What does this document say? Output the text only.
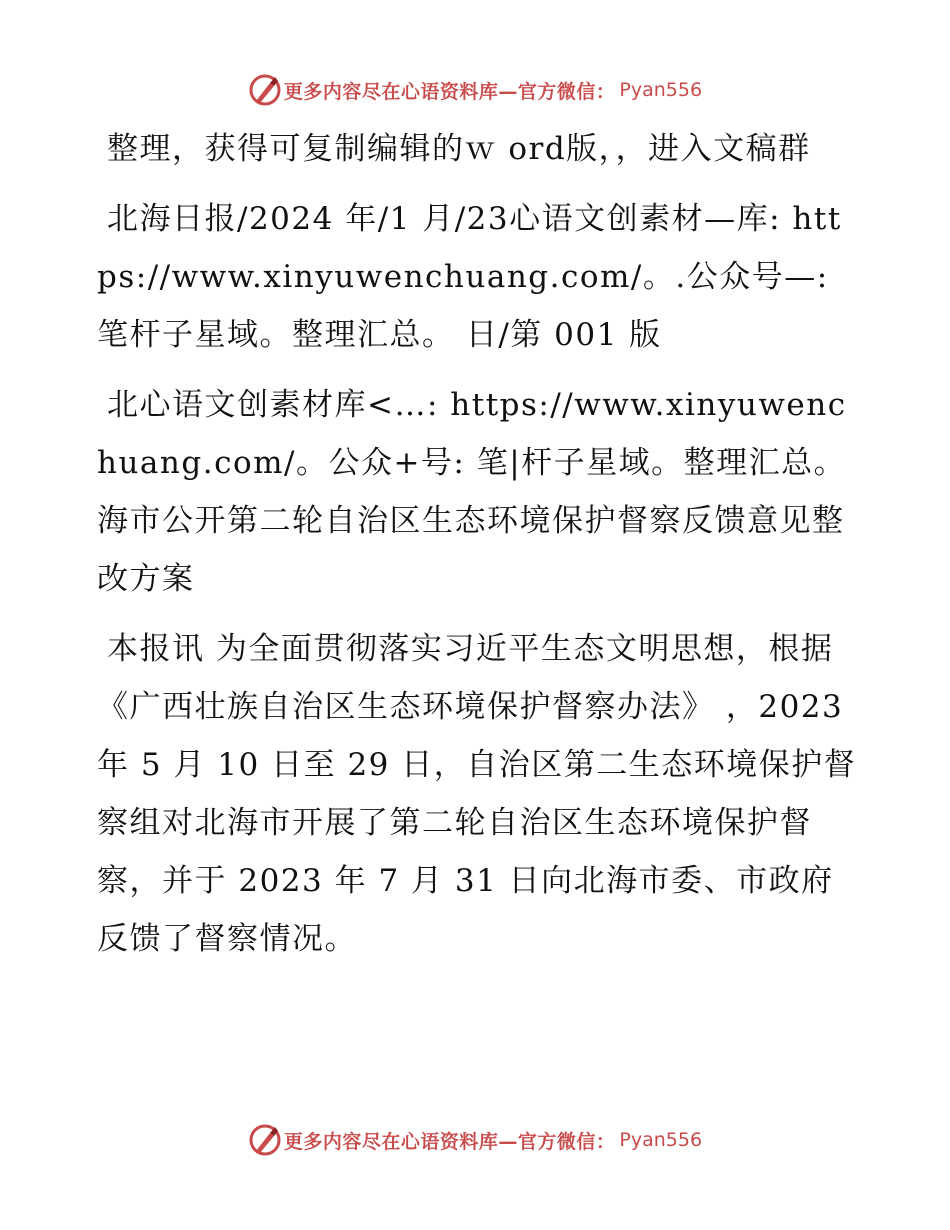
更多内容尽在心语资料库—官方微信： Pyan556

整理，获得可复制编辑的ｗ ord版，，进入文稿群

北海日报/2024 年/1 月/23心语文创素材—库: https://www.xinyuwenchuang.com/。.公众号—: 笔杆子星域。整理汇总。 日/第 001 版

北心语文创素材库<…: https://www.xinyuwenchuang.com/。公众+号: 笔|杆子星域。整理汇总。海市公开第二轮自治区生态环境保护督察反馈意见整改方案

本报讯 为全面贯彻落实习近平生态文明思想，根据《广西壮族自治区生态环境保护督察办法》 ，2023 年 5 月 10 日至 29 日，自治区第二生态环境保护督察组对北海市开展了第二轮自治区生态环境保护督察，并于 2023 年 7 月 31 日向北海市委、市政府反馈了督察情况。

更多内容尽在心语资料库—官方微信： Pyan556
